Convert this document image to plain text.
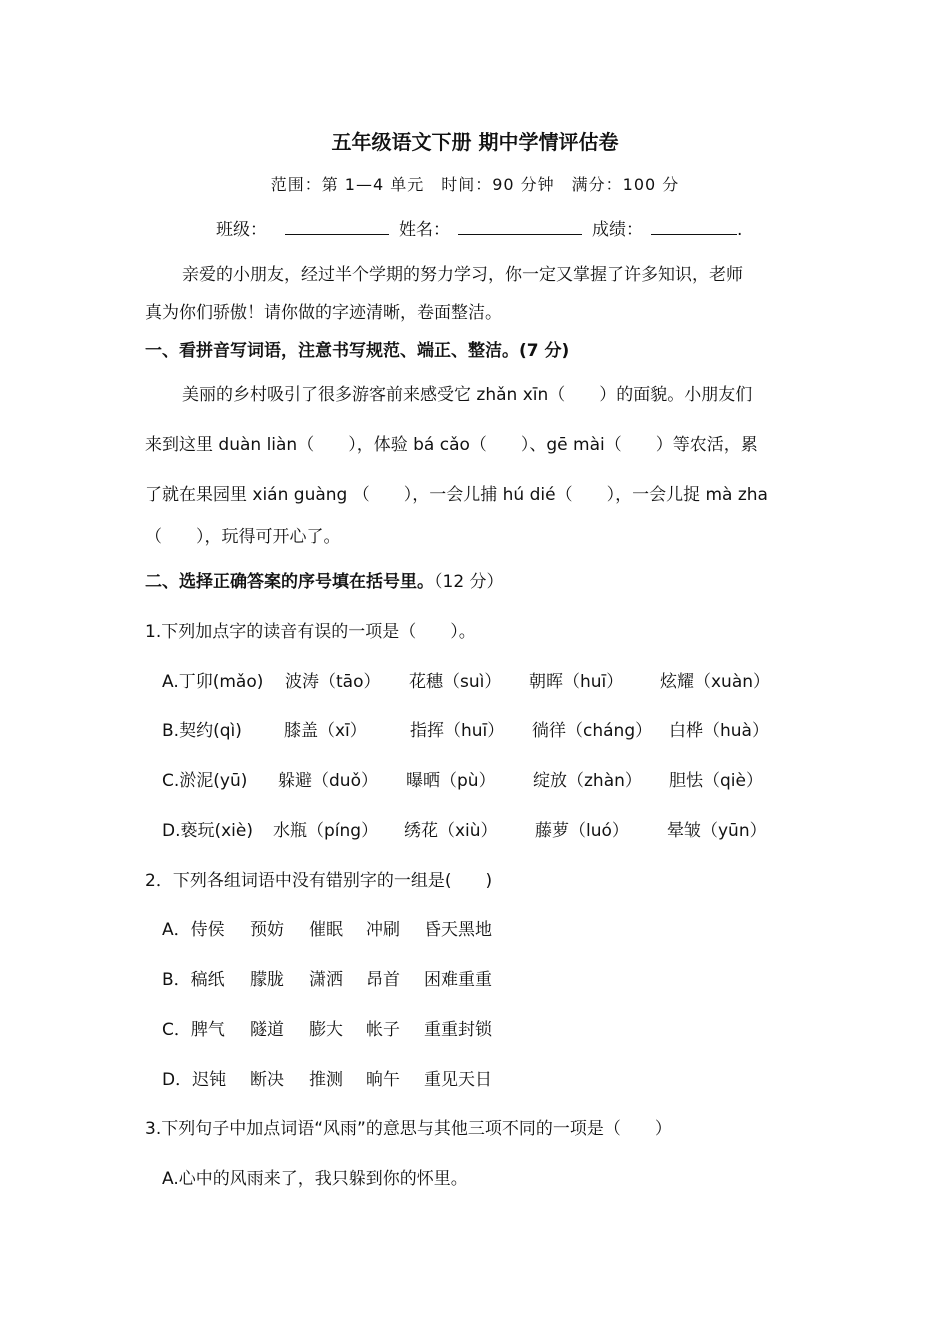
五年级语文下册 期中学情评估卷
范围：第 1—4 单元　时间：90 分钟　满分：100 分
班级：	姓名：	成绩：	.
亲爱的小朋友，经过半个学期的努力学习，你一定又掌握了许多知识，老师
真为你们骄傲！请你做的字迹清晰，卷面整洁。
一、看拼音写词语，注意书写规范、端正、整洁。(7 分)
美丽的乡村吸引了很多游客前来感受它 zhǎn xīn（　　）的面貌。小朋友们
来到这里 duàn liàn（　　），体验 bá cǎo（　　）、gē mài（　　）等农活，累
了就在果园里 xián guàng （　　），一会儿捕 hú dié（　　），一会儿捉 mà zha
（　　），玩得可开心了。
二、选择正确答案的序号填在括号里。（12 分）
1.下列加点字的读音有误的一项是（　　）。
A.丁卯(mǎo) 波涛（tāo） 花穗（suì） 朝晖（huī） 炫耀（xuàn）
B.契约(qì) 膝盖（xī）	指挥（huī） 徜徉（cháng） 白桦（huà）
C.淤泥(yū) 躲避（duǒ） 曝晒（pù） 绽放（zhàn） 胆怯（qiè）
D.亵玩(xiè) 水瓶（píng） 绣花（xiù） 藤萝（luó） 晕皱（yūn）
2．下列各组词语中没有错别字的一组是(　　)
A．侍侯 预妨 催眠 冲刷 昏天黑地
B．稿纸 朦胧 潇洒 昂首 困难重重
C．脾气 隧道 膨大 帐子 重重封锁
D．迟钝 断决 推测 晌午 重见天日
3.下列句子中加点词语“风雨”的意思与其他三项不同的一项是（　　）
A.心中的风雨来了，我只躲到你的怀里。
